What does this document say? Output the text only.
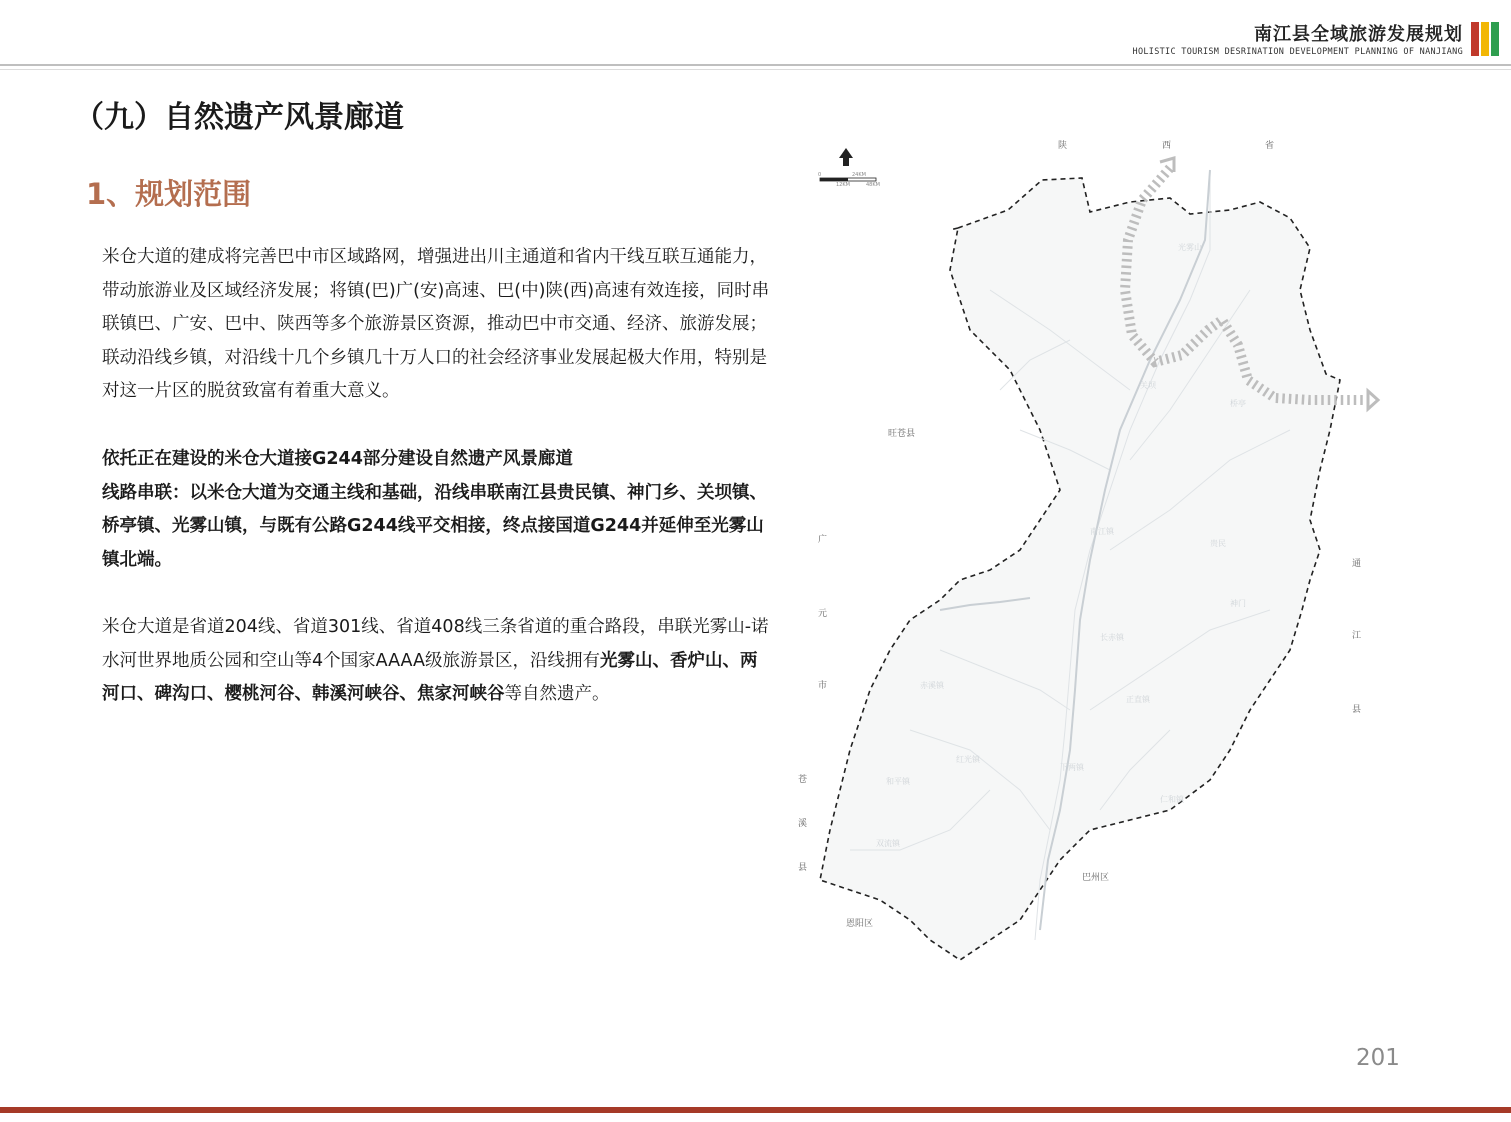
南江县全域旅游发展规划
HOLISTIC TOURISM DESRINATION DEVELOPMENT PLANNING OF NANJIANG
（九）自然遗产风景廊道
1、规划范围
米仓大道的建成将完善巴中市区域路网，增强进出川主通道和省内干线互联互通能力，带动旅游业及区域经济发展；将镇(巴)广(安)高速、巴(中)陕(西)高速有效连接，同时串联镇巴、广安、巴中、陕西等多个旅游景区资源，推动巴中市交通、经济、旅游发展；联动沿线乡镇，对沿线十几个乡镇几十万人口的社会经济事业发展起极大作用，特别是对这一片区的脱贫致富有着重大意义。
依托正在建设的米仓大道接G244部分建设自然遗产风景廊道
线路串联：以米仓大道为交通主线和基础，沿线串联南江县贵民镇、神门乡、关坝镇、桥亭镇、光雾山镇，与既有公路G244线平交相接，终点接国道G244并延伸至光雾山镇北端。
米仓大道是省道204线、省道301线、省道408线三条省道的重合路段，串联光雾山-诺水河世界地质公园和空山等4个国家AAAA级旅游景区，沿线拥有光雾山、香炉山、两河口、碑沟口、樱桃河谷、韩溪河峡谷、焦家河峡谷等自然遗产。
0	24KM
12KM	48KM
陕	西	省
通
江
县
广
元
市
苍
溪
县
旺苍县
巴州区
恩阳区
南江镇
光雾山
关坝
桥亭
贵民
神门
长赤镇
正直镇
赤溪镇
和平镇
双流镇
红光镇
下两镇
仁和镇
201
